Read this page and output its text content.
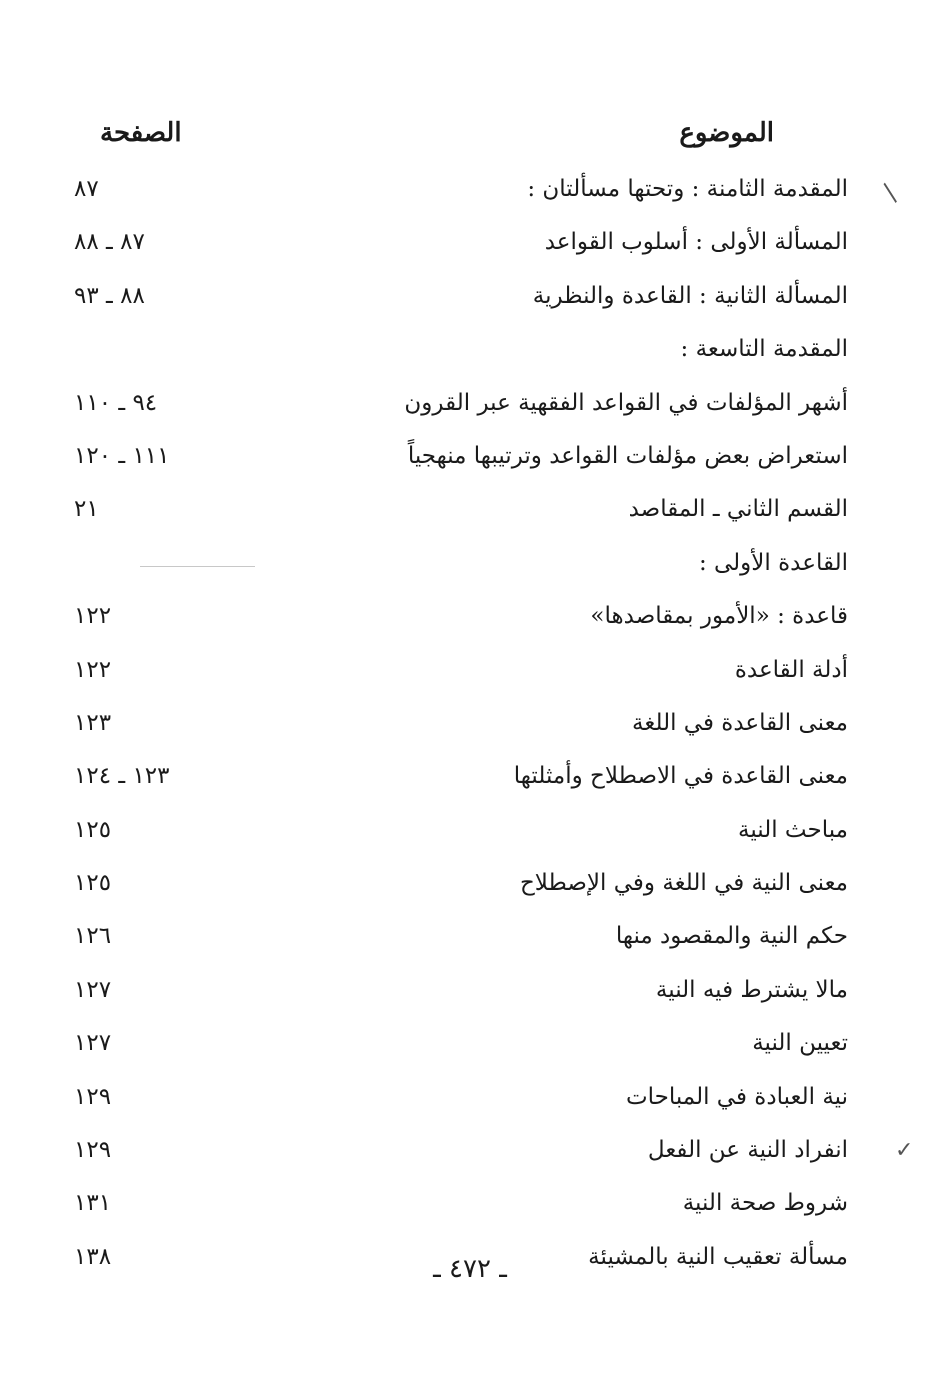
/
✓
الموضوع
الصفحة
المقدمة الثامنة : وتحتها مسألتان :
٨٧
المسألة الأولى : أسلوب القواعد
٨٧ ـ ٨٨
المسألة الثانية : القاعدة والنظرية
٨٨ ـ ٩٣
المقدمة التاسعة :
أشهر المؤلفات في القواعد الفقهية عبر القرون
٩٤ ـ ١١٠
استعراض بعض مؤلفات القواعد وترتيبها منهجياً
١١١ ـ ١٢٠
القسم الثاني ـ المقاصد
٢١
القاعدة الأولى :
قاعدة : «الأمور بمقاصدها»
١٢٢
أدلة القاعدة
١٢٢
معنى القاعدة في اللغة
١٢٣
معنى القاعدة في الاصطلاح وأمثلتها
١٢٣ ـ ١٢٤
مباحث النية
١٢٥
معنى النية في اللغة وفي الإصطلاح
١٢٥
حكم النية والمقصود منها
١٢٦
مالا يشترط فيه النية
١٢٧
تعيين النية
١٢٧
نية العبادة في المباحات
١٢٩
انفراد النية عن الفعل
١٢٩
شروط صحة النية
١٣١
مسألة تعقيب النية بالمشيئة
١٣٨	ـ ٤٧٢ ـ
